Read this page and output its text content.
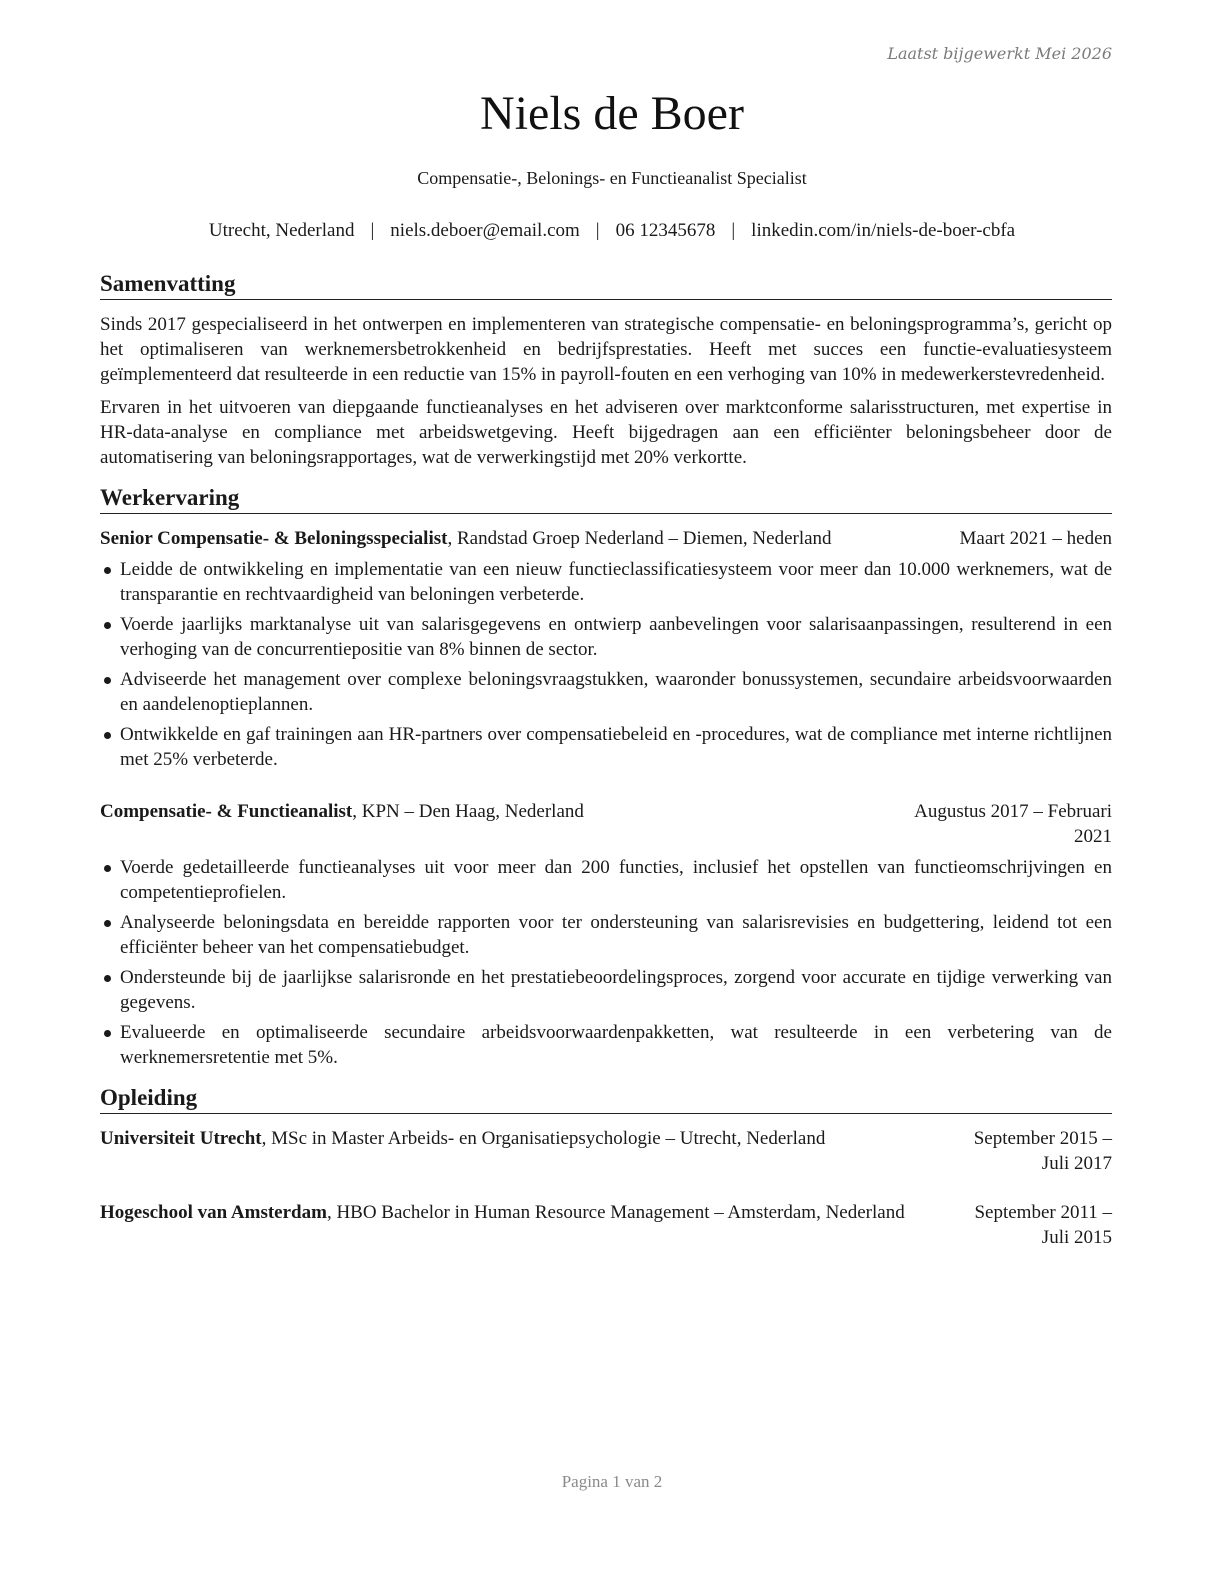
Laatst bijgewerkt Mei 2026
Niels de Boer
Compensatie-, Belonings- en Functieanalist Specialist
Utrecht, Nederland | niels.deboer@email.com | 06 12345678 | linkedin.com/in/niels-de-boer-cbfa
Samenvatting

Sinds 2017 gespecialiseerd in het ontwerpen en implementeren van strategische compensatie- en beloningsprogramma’s, gericht op het optimaliseren van werknemersbetrokkenheid en bedrijfsprestaties. Heeft met succes een functie-evaluatiesysteem geïmplementeerd dat resulteerde in een reductie van 15% in payroll-fouten en een verhoging van 10% in medewerkerstevredenheid.

Ervaren in het uitvoeren van diepgaande functieanalyses en het adviseren over marktconforme salarisstructuren, met expertise in HR-data-analyse en compliance met arbeidswetgeving. Heeft bijgedragen aan een efficiënter beloningsbeheer door de automatisering van beloningsrapportages, wat de verwerkingstijd met 20% verkortte.

Werkervaring
Senior Compensatie- & Beloningsspecialist, Randstad Groep Nederland – Diemen, Nederland	Maart 2021 – heden
Leidde de ontwikkeling en implementatie van een nieuw functieclassificatiesysteem voor meer dan 10.000 werknemers, wat de transparantie en rechtvaardigheid van beloningen verbeterde.
Voerde jaarlijks marktanalyse uit van salarisgegevens en ontwierp aanbevelingen voor salarisaanpassingen, resulterend in een verhoging van de concurrentiepositie van 8% binnen de sector.
Adviseerde het management over complexe beloningsvraagstukken, waaronder bonussystemen, secundaire arbeidsvoorwaarden en aandelenoptieplannen.
Ontwikkelde en gaf trainingen aan HR-partners over compensatiebeleid en -procedures, wat de compliance met interne richtlijnen met 25% verbeterde.
Compensatie- & Functieanalist, KPN – Den Haag, Nederland	Augustus 2017 – Februari 2021
Voerde gedetailleerde functieanalyses uit voor meer dan 200 functies, inclusief het opstellen van functieomschrijvingen en competentieprofielen.
Analyseerde beloningsdata en bereidde rapporten voor ter ondersteuning van salarisrevisies en budgettering, leidend tot een efficiënter beheer van het compensatiebudget.
Ondersteunde bij de jaarlijkse salarisronde en het prestatiebeoordelingsproces, zorgend voor accurate en tijdige verwerking van gegevens.
Evalueerde en optimaliseerde secundaire arbeidsvoorwaardenpakketten, wat resulteerde in een verbetering van de werknemersretentie met 5%.
Opleiding
Universiteit Utrecht, MSc in Master Arbeids- en Organisatiepsychologie – Utrecht, Nederland	September 2015 – Juli 2017
Hogeschool van Amsterdam, HBO Bachelor in Human Resource Management – Amsterdam, Nederland	September 2011 – Juli 2015
Pagina 1 van 2
